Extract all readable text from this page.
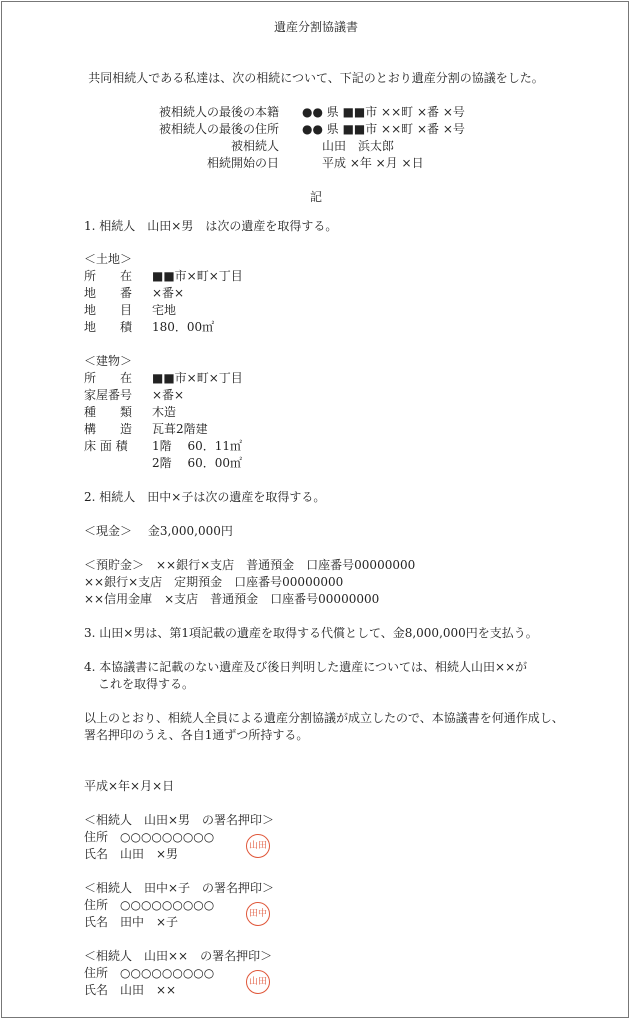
遺産分割協議書
共同相続人である私達は、次の相続について、下記のとおり遺産分割の協議をした。
被相続人の最後の本籍 ●● 県 ■■市 ××町 ×番 ×号
被相続人の最後の住所 ●● 県 ■■市 ××町 ×番 ×号
被相続人	山田　浜太郎
相続開始の日	平成 ×年 ×月 ×日
記
1. 相続人　山田×男　は次の遺産を取得する。
＜土地＞
所　　在 ■■市×町×丁目
地　　番 ×番×
地　　目 宅地
地　　積 180．00㎡
＜建物＞
所　　在 ■■市×町×丁目
家屋番号 ×番×
種　　類 木造
構　　造 瓦葺2階建
床 面 積 1階　 60．11㎡
2階　 60．00㎡
2. 相続人　田中×子は次の遺産を取得する。
＜現金＞　 金3,000,000円
＜預貯金＞　××銀行×支店　普通預金　口座番号00000000
××銀行×支店　定期預金　口座番号00000000
××信用金庫　×支店　普通預金　口座番号00000000
3. 山田×男は、第1項記載の遺産を取得する代償として、金8,000,000円を支払う。
4. 本協議書に記載のない遺産及び後日判明した遺産については、相続人山田××が
これを取得する。
以上のとおり、相続人全員による遺産分割協議が成立したので、本協議書を何通作成し、
署名押印のうえ、各自1通ずつ所持する。
平成×年×月×日
＜相続人　山田×男　の署名押印＞
住所　○○○○○○○○○
氏名　山田　×男
山田
＜相続人　田中×子　の署名押印＞
住所　○○○○○○○○○
氏名　田中　×子
田中
＜相続人　山田××　の署名押印＞
住所　○○○○○○○○○
氏名　山田　××
山田
